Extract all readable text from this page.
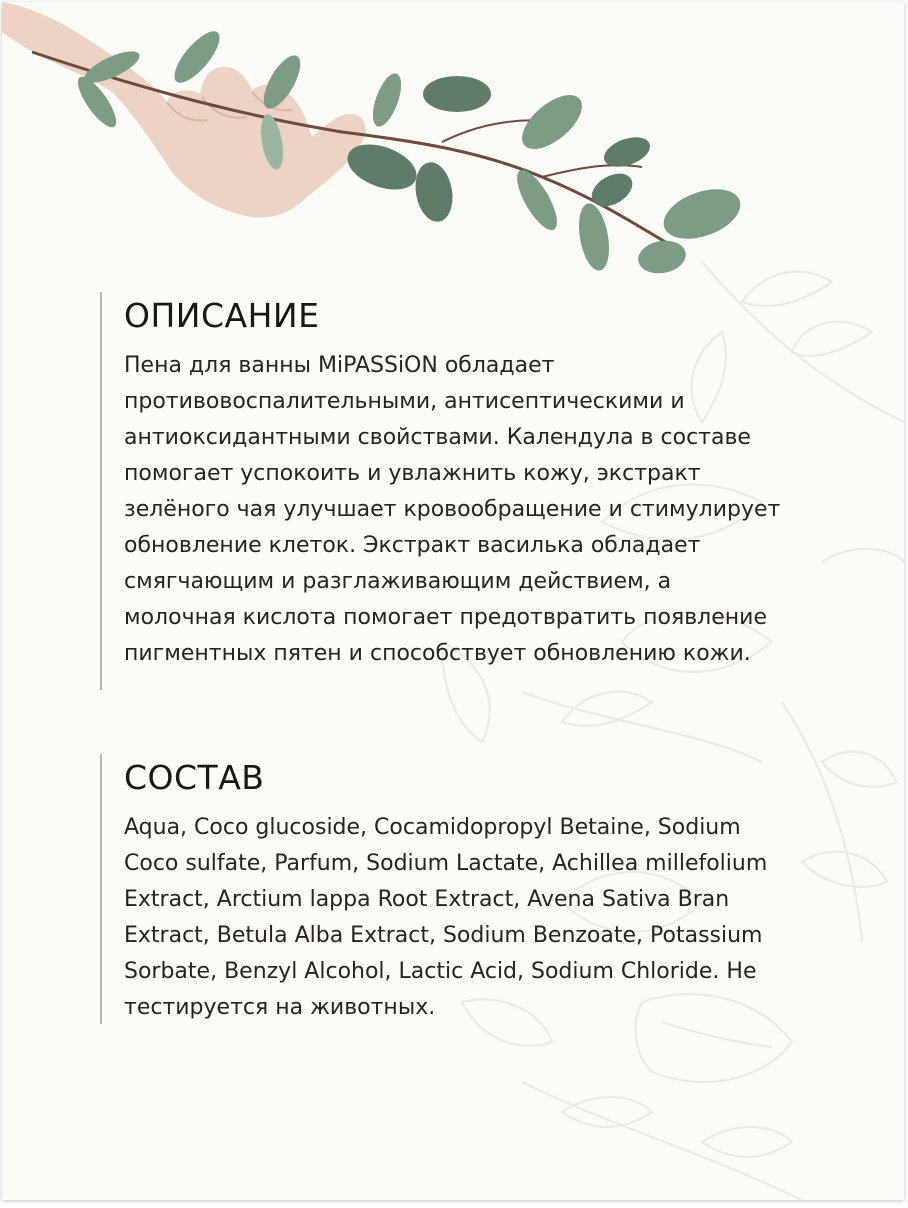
ОПИСАНИЕ

Пена для ванны MiPASSiON обладает
противовоспалительными, антисептическими и
антиоксидантными свойствами. Календула в составе
помогает успокоить и увлажнить кожу, экстракт
зелёного чая улучшает кровообращение и стимулирует
обновление клеток. Экстракт василька обладает
смягчающим и разглаживающим действием, а
молочная кислота помогает предотвратить появление
пигментных пятен и способствует обновлению кожи.

СОСТАВ

Aqua, Coco glucoside, Cocamidopropyl Betaine, Sodium
Coco sulfate, Parfum, Sodium Lactate, Achillea millefolium
Extract, Arctium lappa Root Extract, Avena Sativa Bran
Extract, Betula Alba Extract, Sodium Benzoate, Potassium
Sorbate, Benzyl Alcohol, Lactic Acid, Sodium Chloride. Не
тестируется на животных.
